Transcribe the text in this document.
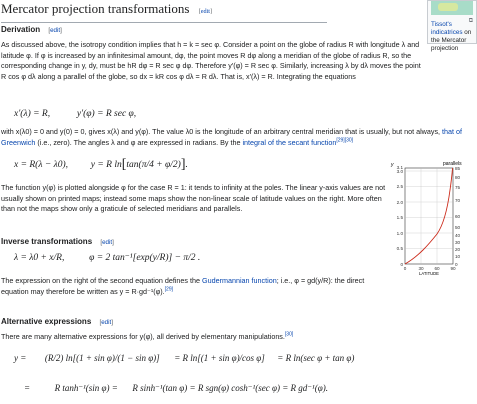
Mercator projection transformations [edit]
⧉
Tissot's indicatrices on the Mercator projection
Derivation [edit]

As discussed above, the isotropy condition implies that h = k = sec φ. Consider a point on the globe of radius R with longitude λ and latitude φ. If φ is increased by an infinitesimal amount, dφ, the point moves R dφ along a meridian of the globe of radius R, so the corresponding change in y, dy, must be hR dφ = R sec φ dφ. Therefore y′(φ) = R sec φ. Similarly, increasing λ by dλ moves the point R cos φ dλ along a parallel of the globe, so dx = kR cos φ dλ = R dλ. That is, x′(λ) = R. Integrating the equations

x′(λ) = R,	y′(φ) = R sec φ,

with x(λ0) = 0 and y(0) = 0, gives x(λ) and y(φ). The value λ0 is the longitude of an arbitrary central meridian that is usually, but not always, that of Greenwich (i.e., zero). The angles λ and φ are expressed in radians. By the integral of the secant function[29][30]

x = R(λ − λ0), y = R ln[tan(π/4 + φ/2)].

The function y(φ) is plotted alongside φ for the case R = 1: it tends to infinity at the poles. The linear y-axis values are not usually shown on printed maps; instead some maps show the non-linear scale of latitude values on the right. More often than not the maps show only a graticule of selected meridians and parallels.

y	parallels
3.1
3.0
2.5
2.0
1.5
1.0
0.5
0
85
80
75
70
60
50
40
30
20
10
0
0	30 60 90
LATITUDE
Inverse transformations [edit]
λ = λ0 + x/R,	φ = 2 tan⁻¹[exp(y/R)] − π/2 .

The expression on the right of the second equation defines the Gudermannian function; i.e., φ = gd(y/R): the direct equation may therefore be written as y = R·gd⁻¹(φ).[29]

Alternative expressions [edit]

There are many alternative expressions for y(φ), all derived by elementary manipulations.[30]

y = (R/2) ln[(1 + sin φ)/(1 − sin φ)] = R ln[(1 + sin φ)/cos φ] = R ln(sec φ + tan φ)
=	R tanh⁻¹(sin φ) = R sinh⁻¹(tan φ) = R sgn(φ) cosh⁻¹(sec φ) = R gd⁻¹(φ).
